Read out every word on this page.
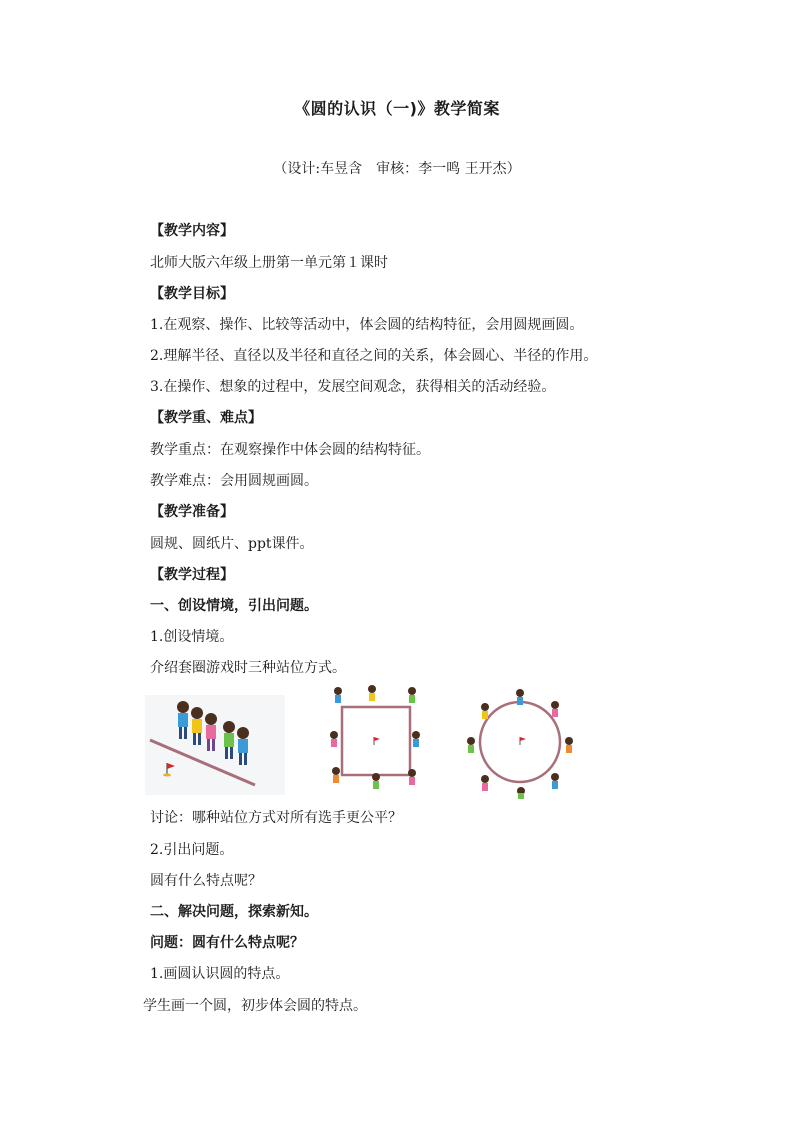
《圆的认识（一)》教学简案
（设计:车昱含　审核：李一鸣 王开杰）
【教学内容】
北师大版六年级上册第一单元第１课时
【教学目标】
1.在观察、操作、比较等活动中，体会圆的结构特征，会用圆规画圆。
2.理解半径、直径以及半径和直径之间的关系，体会圆心、半径的作用。
3.在操作、想象的过程中，发展空间观念，获得相关的活动经验。
【教学重、难点】
教学重点：在观察操作中体会圆的结构特征。
教学难点：会用圆规画圆。
【教学准备】
圆规、圆纸片、ppt课件。
【教学过程】
一、创设情境，引出问题。
1.创设情境。
介绍套圈游戏时三种站位方式。
讨论：哪种站位方式对所有选手更公平？
2.引出问题。
圆有什么特点呢？
二、解决问题，探索新知。
问题：圆有什么特点呢？
1.画圆认识圆的特点。
学生画一个圆，初步体会圆的特点。
